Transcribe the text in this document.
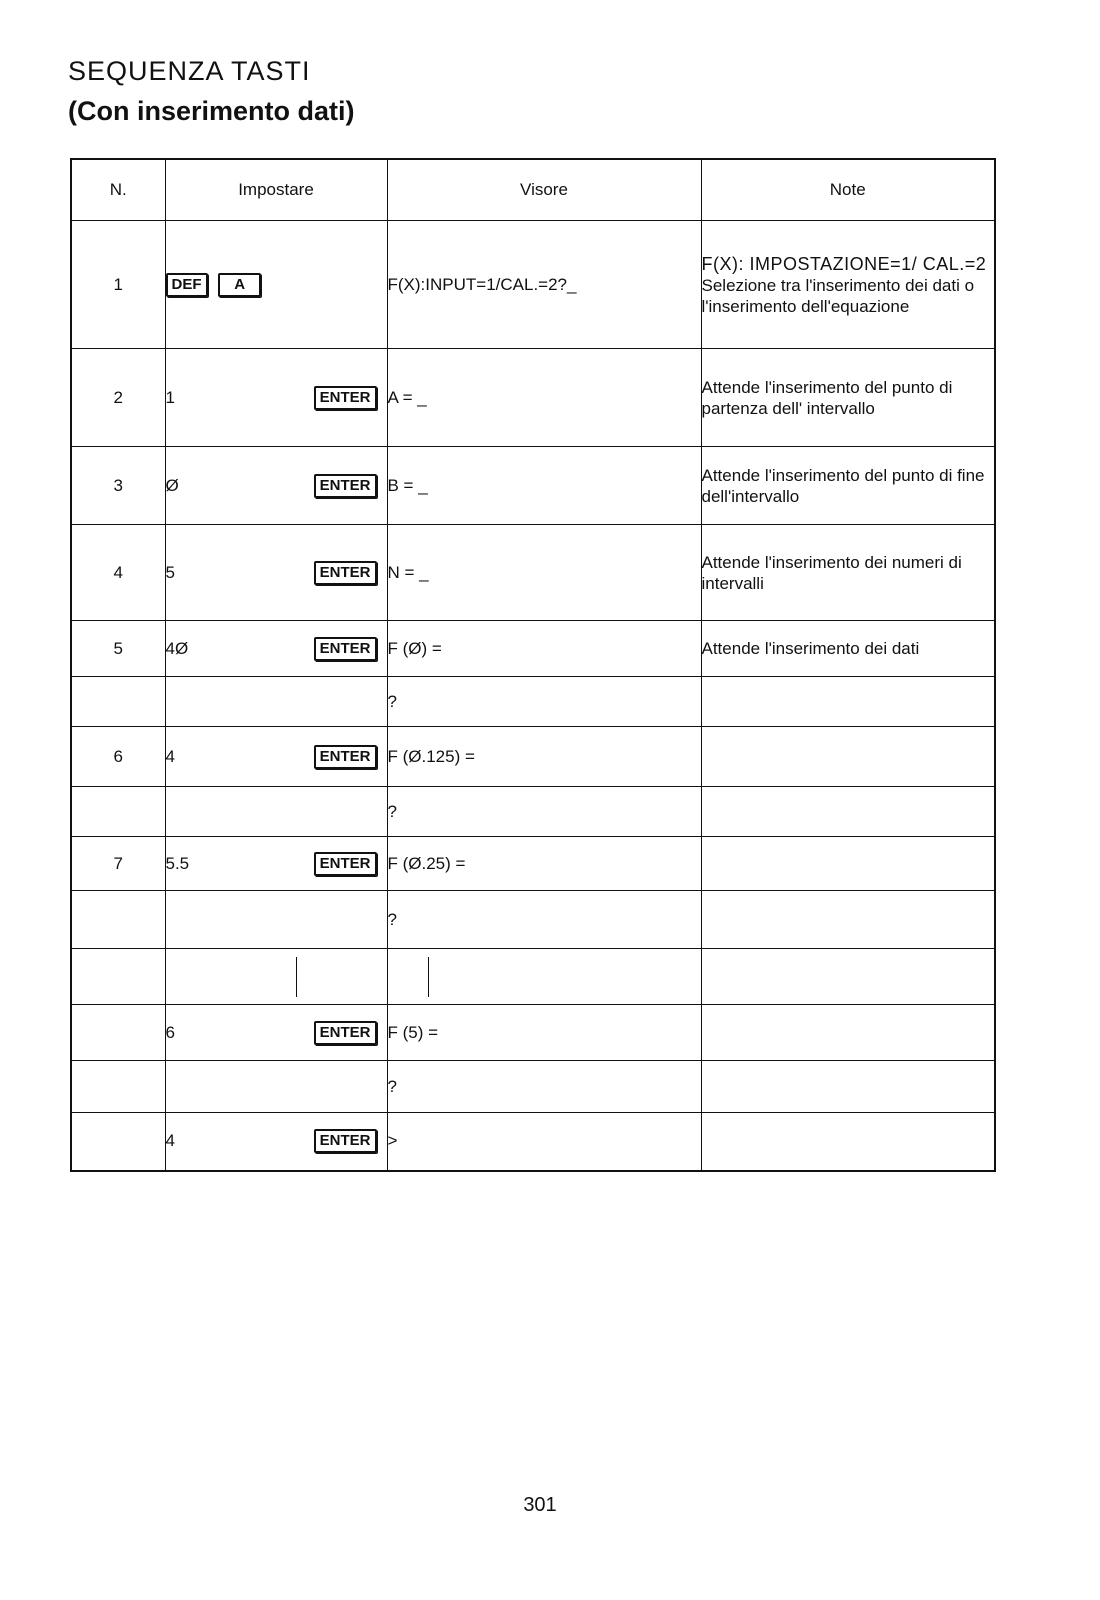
SEQUENZA TASTI
(Con inserimento dati)
N.	Impostare	Visore	Note
1	DEF A	F(X):INPUT=1/CAL.=2?_	F(X): IMPOSTAZIONE=1/ CAL.=2
Selezione tra l'inserimento dei dati o l'inserimento dell'equazione

2	1 ENTER	A = _	Attende l'inserimento del punto di partenza dell' intervallo
3	Ø ENTER	B = _	Attende l'inserimento del punto di fine dell'intervallo
4	5 ENTER	N = _	Attende l'inserimento dei numeri di intervalli
5	4Ø ENTER	F (Ø) =	Attende l'inserimento dei dati
		?	
6	4 ENTER	F (Ø.125) =	
		?	
7	5.5 ENTER	F (Ø.25) =	
		?	

	6 ENTER	F (5) =	
		?	
	4 ENTER	>	
301
